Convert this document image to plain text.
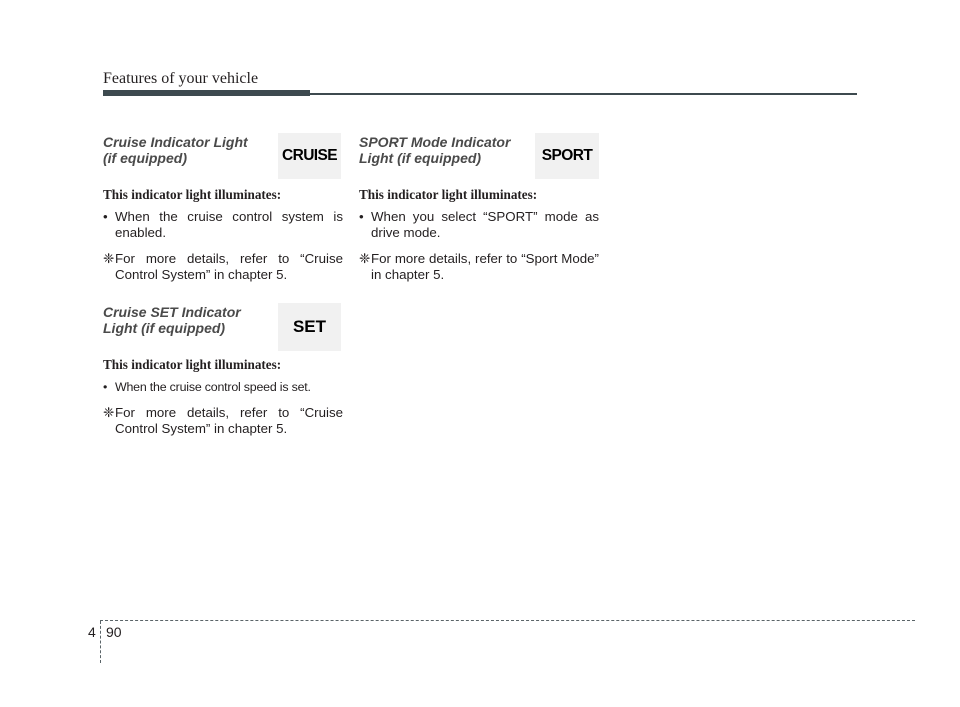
Features of your vehicle
Cruise Indicator Light
(if equipped)
This indicator light illuminates:
• When the cruise control system is enabled.
❈ For more details, refer to “Cruise Control System” in chapter 5.
CRUISE
Cruise SET Indicator
Light (if equipped)
This indicator light illuminates:
• When the cruise control speed is set.
❈ For more details, refer to “Cruise Control System” in chapter 5.
SET
SPORT Mode Indicator
Light (if equipped)
This indicator light illuminates:
• When you select “SPORT” mode as drive mode.
❈ For more details, refer to “Sport Mode” in chapter 5.
SPORT
4 90
